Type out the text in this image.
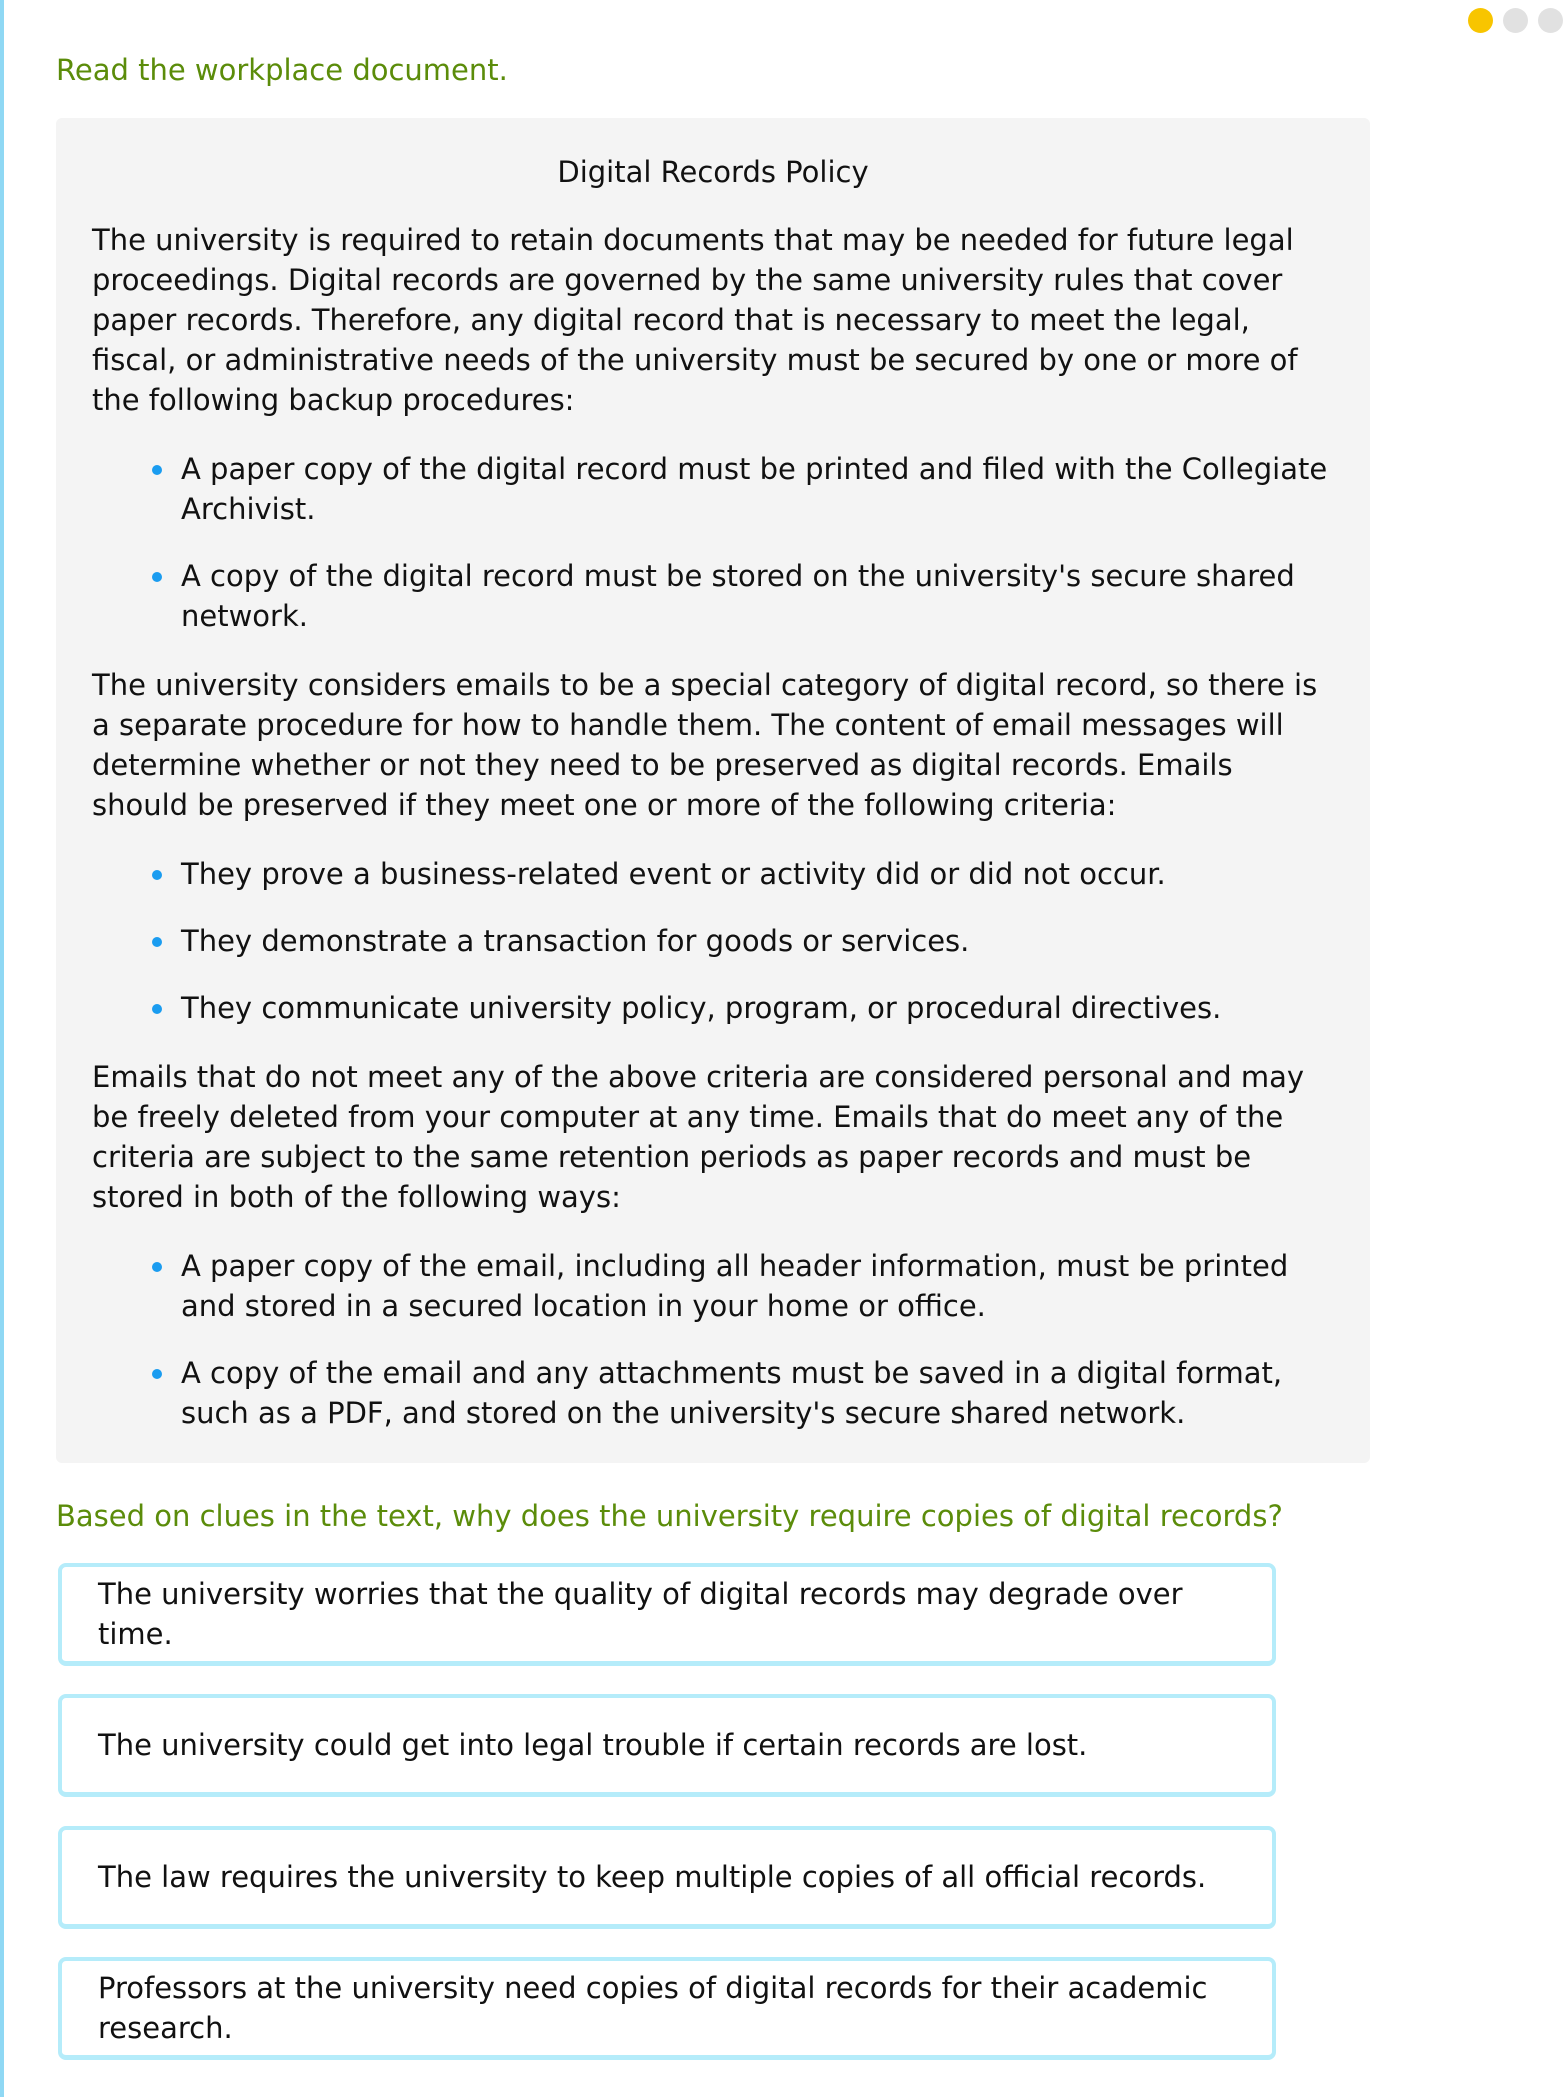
Read the workplace document.
Digital Records Policy

The university is required to retain documents that may be needed for future legal proceedings. Digital records are governed by the same university rules that cover paper records. Therefore, any digital record that is necessary to meet the legal, fiscal, or administrative needs of the university must be secured by one or more of the following backup procedures:

A paper copy of the digital record must be printed and filed with the Collegiate Archivist.
A copy of the digital record must be stored on the university's secure shared network.

The university considers emails to be a special category of digital record, so there is a separate procedure for how to handle them. The content of email messages will determine whether or not they need to be preserved as digital records. Emails should be preserved if they meet one or more of the following criteria:

They prove a business-related event or activity did or did not occur.
They demonstrate a transaction for goods or services.
They communicate university policy, program, or procedural directives.

Emails that do not meet any of the above criteria are considered personal and may be freely deleted from your computer at any time. Emails that do meet any of the criteria are subject to the same retention periods as paper records and must be stored in both of the following ways:

A paper copy of the email, including all header information, must be printed and stored in a secured location in your home or office.
A copy of the email and any attachments must be saved in a digital format, such as a PDF, and stored on the university's secure shared network.
Based on clues in the text, why does the university require copies of digital records?
The university worries that the quality of digital records may degrade over time.
The university could get into legal trouble if certain records are lost.
The law requires the university to keep multiple copies of all official records.
Professors at the university need copies of digital records for their academic research.
